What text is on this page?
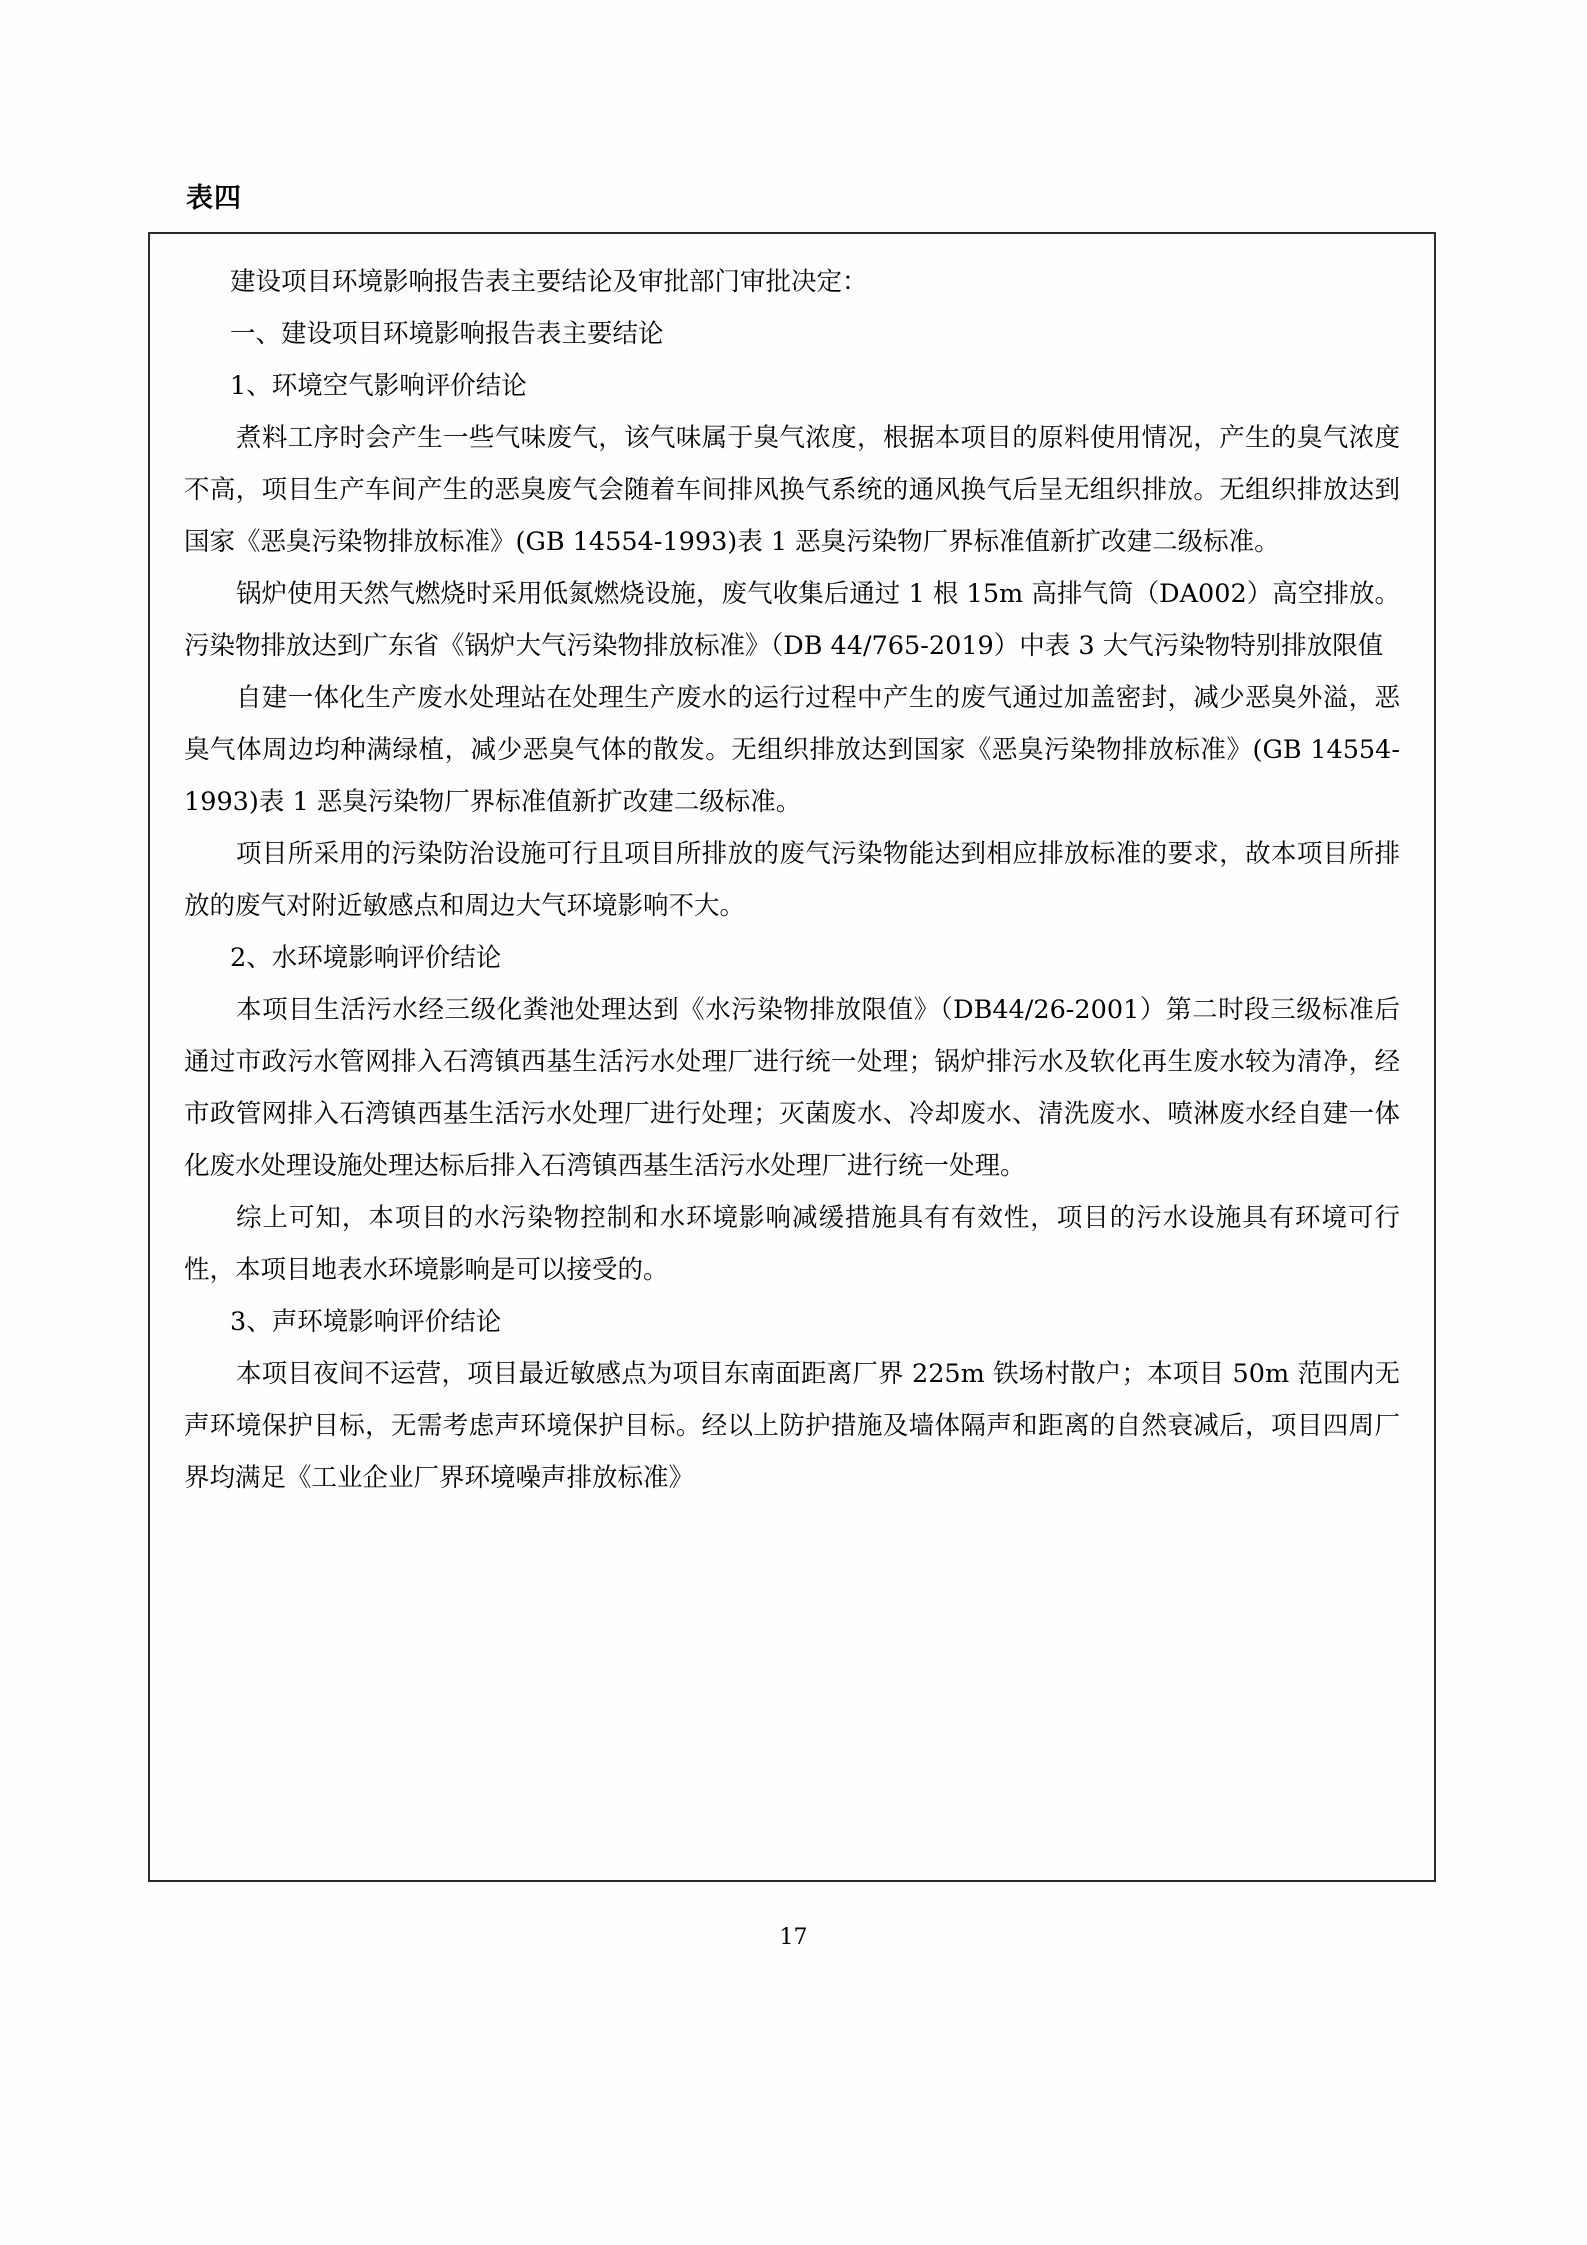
表四

建设项目环境影响报告表主要结论及审批部门审批决定：

一、建设项目环境影响报告表主要结论

1、环境空气影响评价结论

煮料工序时会产生一些气味废气，该气味属于臭气浓度，根据本项目的原料使用情况，产生的臭气浓度不高，项目生产车间产生的恶臭废气会随着车间排风换气系统的通风换气后呈无组织排放。无组织排放达到国家《恶臭污染物排放标准》(GB 14554-1993)表 1 恶臭污染物厂界标准值新扩改建二级标准。

锅炉使用天然气燃烧时采用低氮燃烧设施，废气收集后通过 1 根 15m 高排气筒（DA002）高空排放。污染物排放达到广东省《锅炉大气污染物排放标准》（DB 44/765-2019）中表 3 大气污染物特别排放限值

自建一体化生产废水处理站在处理生产废水的运行过程中产生的废气通过加盖密封，减少恶臭外溢，恶臭气体周边均种满绿植，减少恶臭气体的散发。无组织排放达到国家《恶臭污染物排放标准》(GB 14554-1993)表 1 恶臭污染物厂界标准值新扩改建二级标准。

项目所采用的污染防治设施可行且项目所排放的废气污染物能达到相应排放标准的要求，故本项目所排放的废气对附近敏感点和周边大气环境影响不大。

2、水环境影响评价结论

本项目生活污水经三级化粪池处理达到《水污染物排放限值》（DB44/26-2001）第二时段三级标准后通过市政污水管网排入石湾镇西基生活污水处理厂进行统一处理；锅炉排污水及软化再生废水较为清净，经市政管网排入石湾镇西基生活污水处理厂进行处理；灭菌废水、冷却废水、清洗废水、喷淋废水经自建一体化废水处理设施处理达标后排入石湾镇西基生活污水处理厂进行统一处理。

综上可知，本项目的水污染物控制和水环境影响减缓措施具有有效性，项目的污水设施具有环境可行性，本项目地表水环境影响是可以接受的。

3、声环境影响评价结论

本项目夜间不运营，项目最近敏感点为项目东南面距离厂界 225m 铁场村散户；本项目 50m 范围内无声环境保护目标，无需考虑声环境保护目标。经以上防护措施及墙体隔声和距离的自然衰减后，项目四周厂界均满足《工业企业厂界环境噪声排放标准》

17
